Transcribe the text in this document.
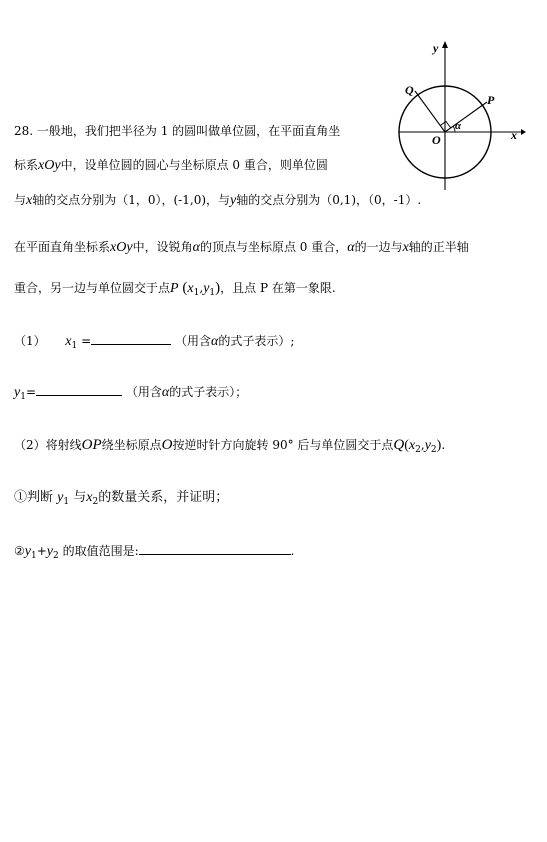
y
x
O
P
Q
α
28. 一般地，我们把半径为 1 的圆叫做单位圆，在平面直角坐
标系xOy中，设单位圆的圆心与坐标原点 0 重合，则单位圆
与x轴的交点分别为（1，0），(-1,0)，与y轴的交点分别为（0,1)，（0，-1）.
在平面直角坐标系xOy中，设锐角α的顶点与坐标原点 0 重合，α的一边与x轴的正半轴
重合，另一边与单位圆交于点P $(x_1,y_1)$，且点 P 在第一象限.
（1） $x_1$ =	（用含α的式子表示）;
$y_1=$	（用含α的式子表示）；
（2）将射线OP绕坐标原点O按逆时针方向旋转 90° 后与单位圆交于点$Q(x_2,y_2)$.
①判断 $y_1$ 与$x_2$的数量关系，并证明；
$②y_1+y_2$ 的取值范围是:	.
